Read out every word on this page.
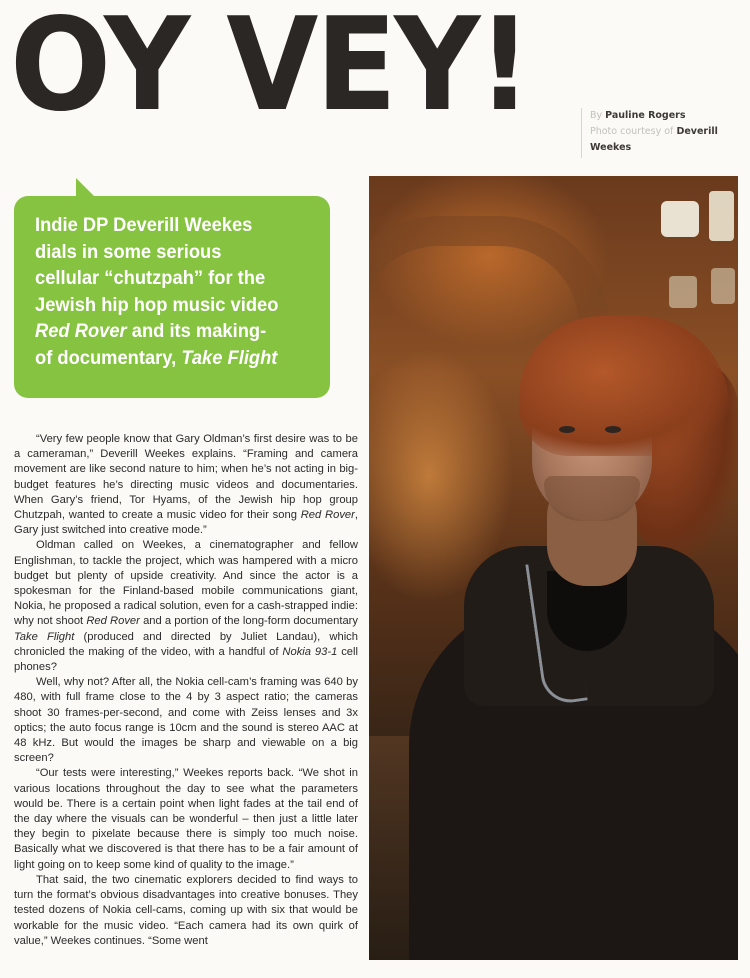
OY VEY!	By Pauline Rogers
Photo courtesy of Deverill Weekes
Indie DP Deverill Weekes
dials in some serious
cellular “chutzpah” for the
Jewish hip hop music video
Red Rover and its making-
of documentary, Take Flight

“Very few people know that Gary Oldman’s first desire was to be a cameraman,” Deverill Weekes explains. “Framing and camera movement are like second nature to him; when he’s not acting in big-budget features he’s directing music videos and documentaries. When Gary’s friend, Tor Hyams, of the Jewish hip hop group Chutzpah, wanted to create a music video for their song Red Rover, Gary just switched into creative mode.”

Oldman called on Weekes, a cinematographer and fellow Englishman, to tackle the project, which was hampered with a micro budget but plenty of upside creativity. And since the actor is a spokesman for the Finland-based mobile communications giant, Nokia, he proposed a radical solution, even for a cash-strapped indie: why not shoot Red Rover and a portion of the long-form documentary Take Flight (produced and directed by Juliet Landau), which chronicled the making of the video, with a handful of Nokia 93-1 cell phones?

Well, why not? After all, the Nokia cell-cam’s framing was 640 by 480, with full frame close to the 4 by 3 aspect ratio; the cameras shoot 30 frames-per-second, and come with Zeiss lenses and 3x optics; the auto focus range is 10cm and the sound is stereo AAC at 48 kHz. But would the images be sharp and viewable on a big screen?

“Our tests were interesting,” Weekes reports back. “We shot in various locations throughout the day to see what the parameters would be. There is a certain point when light fades at the tail end of the day where the visuals can be wonderful – then just a little later they begin to pixelate because there is simply too much noise. Basically what we discovered is that there has to be a fair amount of light going on to keep some kind of quality to the image.”

That said, the two cinematic explorers decided to find ways to turn the format’s obvious disadvantages into creative bonuses. They tested dozens of Nokia cell-cams, coming up with six that would be workable for the music video. “Each camera had its own quirk of value,” Weekes continues. “Some went
